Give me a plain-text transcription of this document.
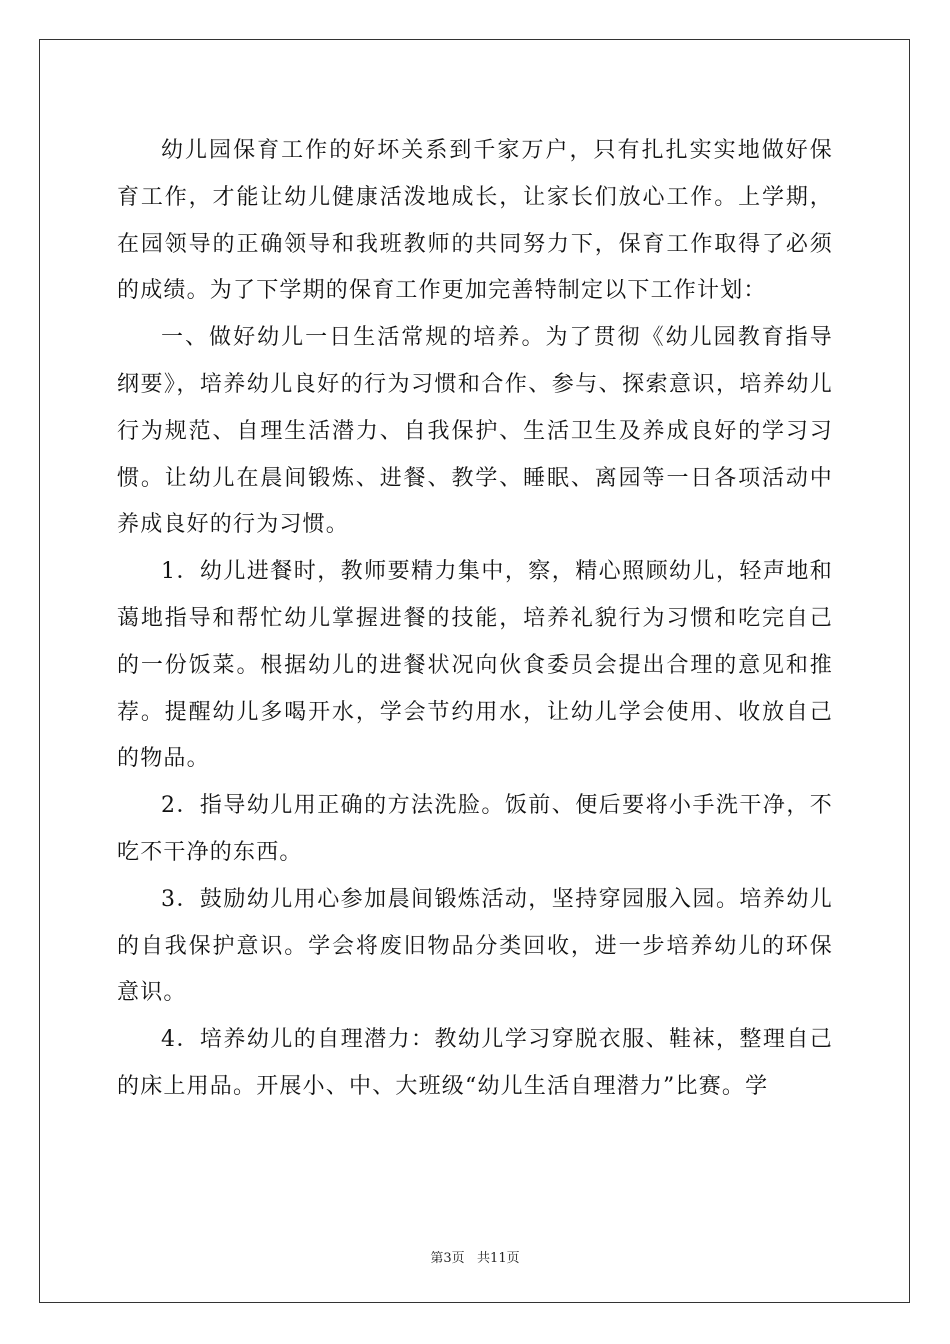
幼儿园保育工作的好坏关系到千家万户，只有扎扎实实地做好保育工作，才能让幼儿健康活泼地成长，让家长们放心工作。上学期，在园领导的正确领导和我班教师的共同努力下，保育工作取得了必须的成绩。为了下学期的保育工作更加完善特制定以下工作计划：

一、做好幼儿一日生活常规的培养。为了贯彻《幼儿园教育指导纲要》，培养幼儿良好的行为习惯和合作、参与、探索意识，培养幼儿行为规范、自理生活潜力、自我保护、生活卫生及养成良好的学习习惯。让幼儿在晨间锻炼、进餐、教学、睡眠、离园等一日各项活动中养成良好的行为习惯。

1．幼儿进餐时，教师要精力集中，察，精心照顾幼儿，轻声地和蔼地指导和帮忙幼儿掌握进餐的技能，培养礼貌行为习惯和吃完自己的一份饭菜。根据幼儿的进餐状况向伙食委员会提出合理的意见和推荐。提醒幼儿多喝开水，学会节约用水，让幼儿学会使用、收放自己的物品。

2．指导幼儿用正确的方法洗脸。饭前、便后要将小手洗干净，不吃不干净的东西。

3．鼓励幼儿用心参加晨间锻炼活动，坚持穿园服入园。培养幼儿的自我保护意识。学会将废旧物品分类回收，进一步培养幼儿的环保意识。

4．培养幼儿的自理潜力：教幼儿学习穿脱衣服、鞋袜，整理自己的床上用品。开展小、中、大班级“幼儿生活自理潜力”比赛。学

第3页   共11页
